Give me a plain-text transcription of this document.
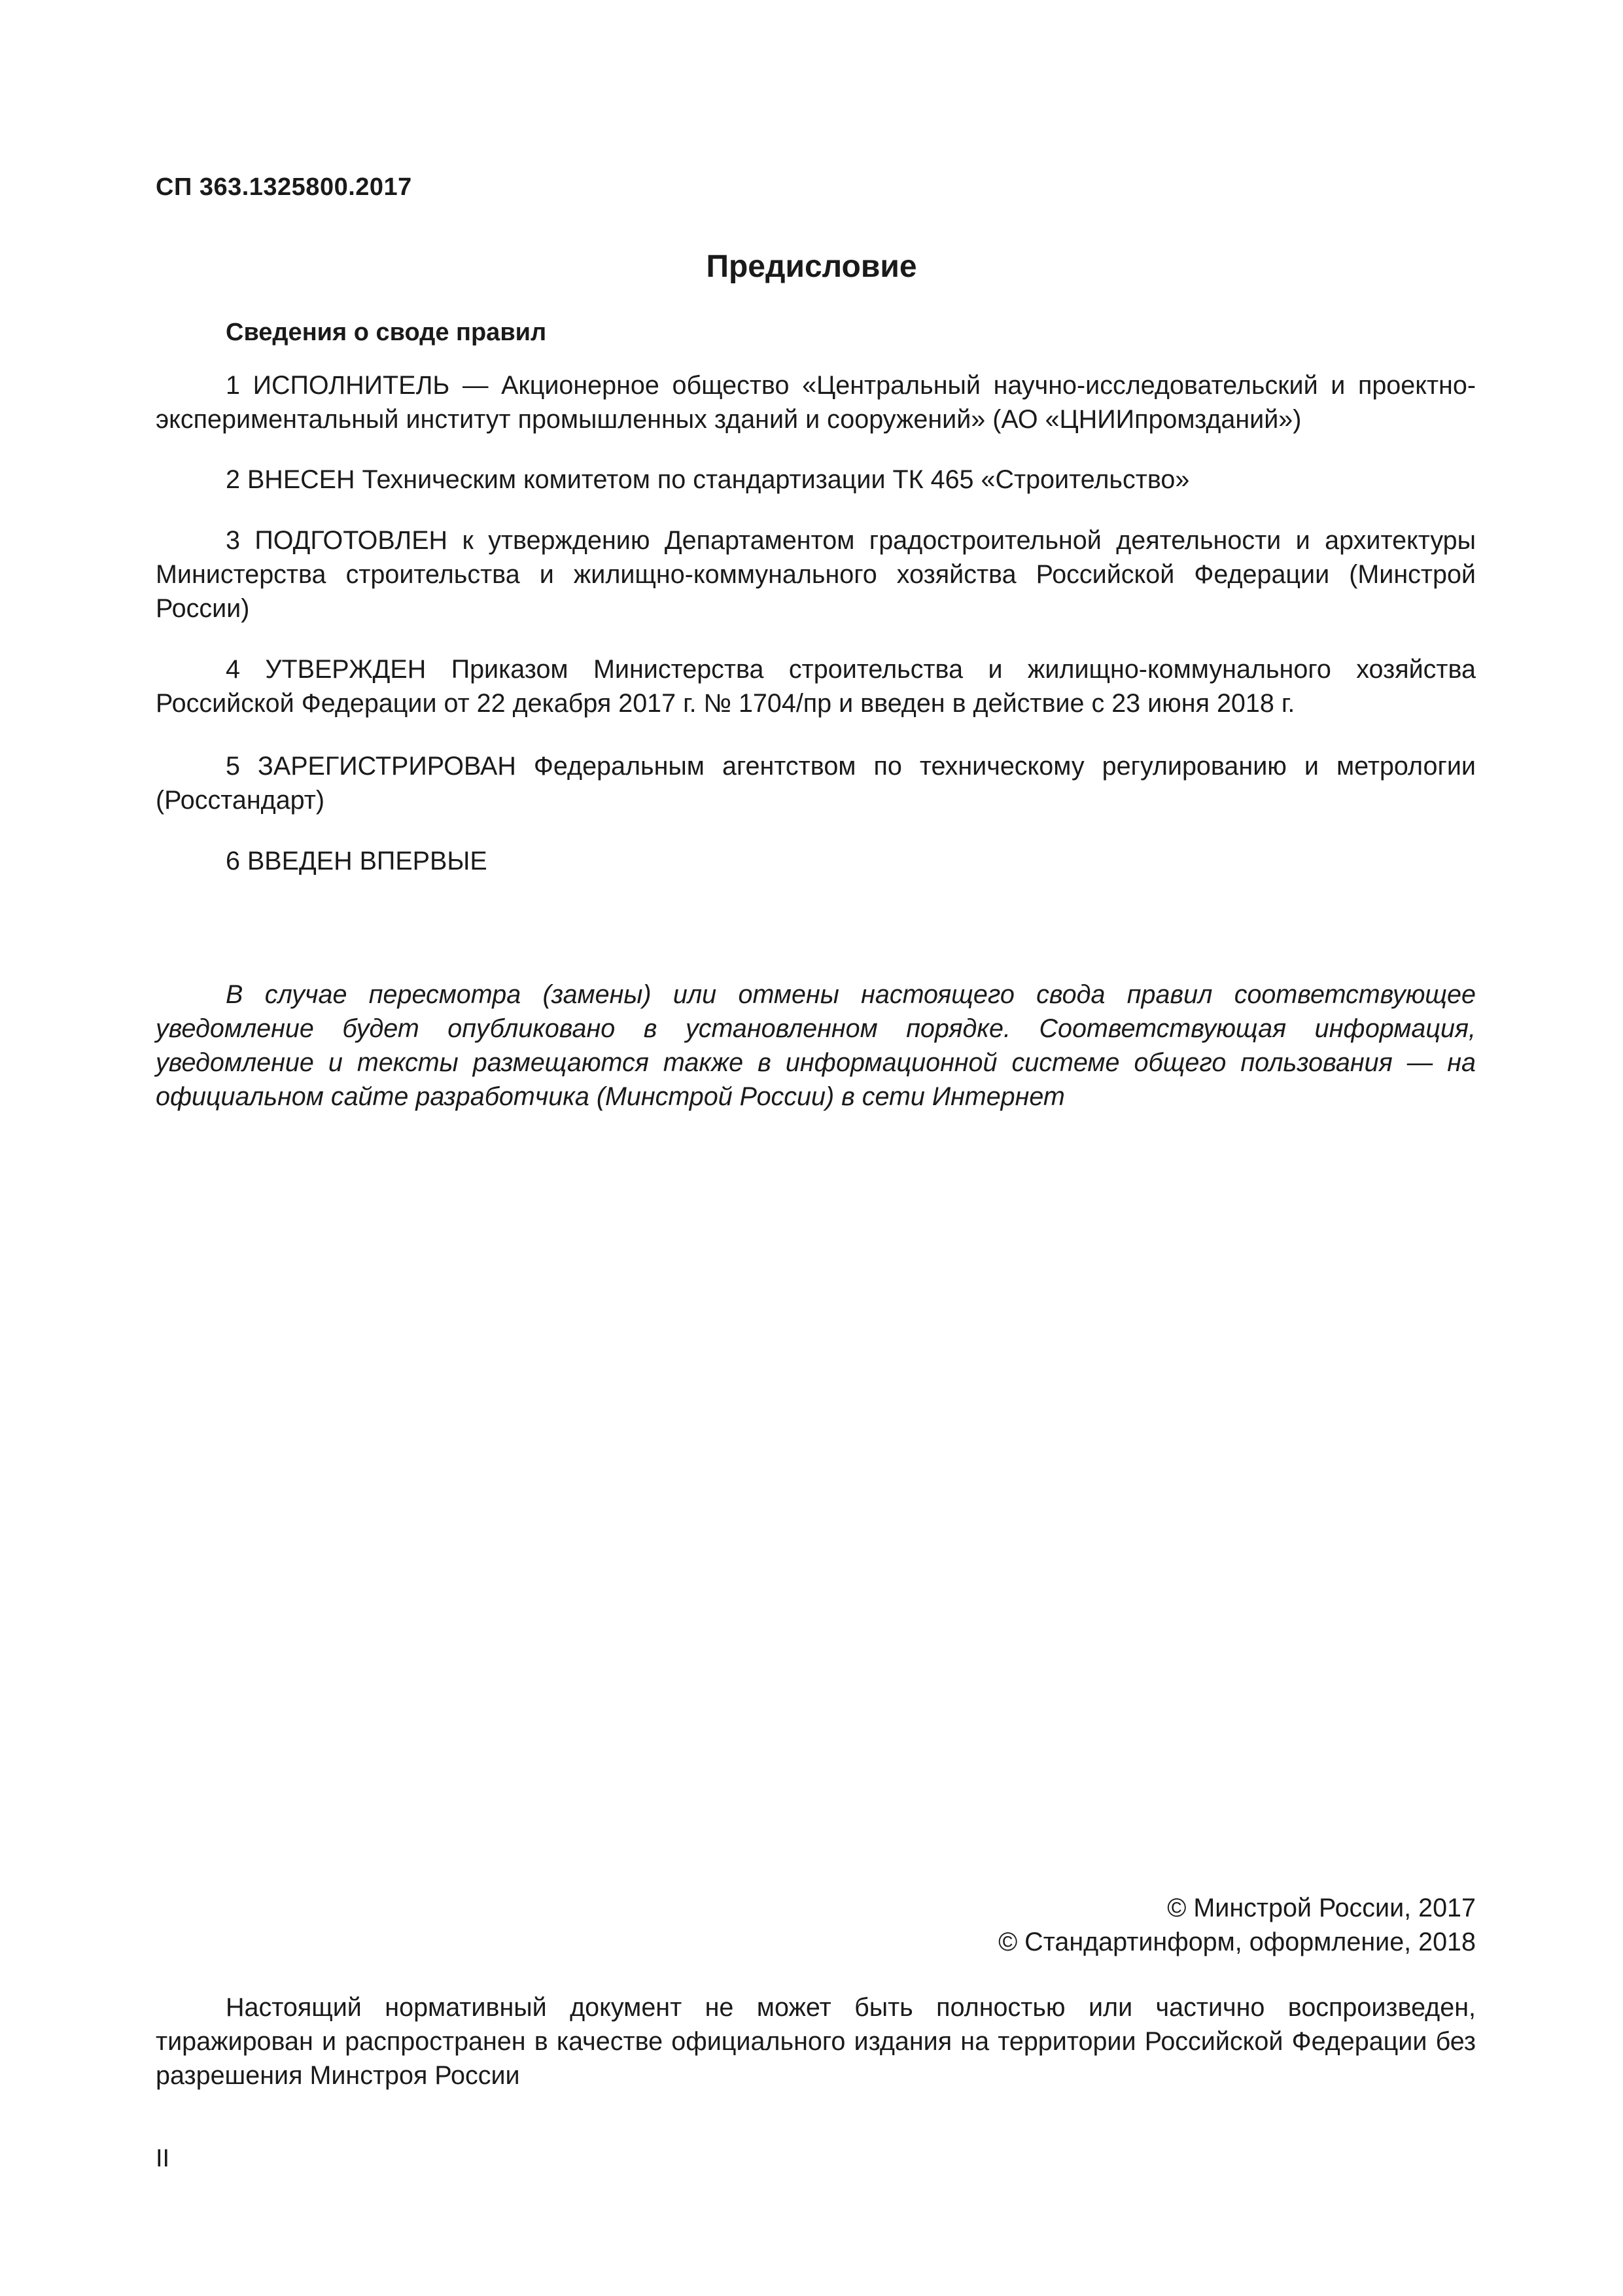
СП 363.1325800.2017
Предисловие
Сведения о своде правил

1 ИСПОЛНИТЕЛЬ — Акционерное общество «Центральный научно-исследовательский и проектно-экспериментальный институт промышленных зданий и сооружений» (АО «ЦНИИпромзданий»)

2 ВНЕСЕН Техническим комитетом по стандартизации ТК 465 «Строительство»

3 ПОДГОТОВЛЕН к утверждению Департаментом градостроительной деятельности и архитектуры Министерства строительства и жилищно-коммунального хозяйства Российской Федерации (Минстрой России)

4 УТВЕРЖДЕН Приказом Министерства строительства и жилищно-коммунального хозяйства Российской Федерации от 22 декабря 2017 г. № 1704/пр и введен в действие с 23 июня 2018 г.

5 ЗАРЕГИСТРИРОВАН Федеральным агентством по техническому регулированию и метрологии (Росстандарт)

6 ВВЕДЕН ВПЕРВЫЕ

В случае пересмотра (замены) или отмены настоящего свода правил соответствующее уведомление будет опубликовано в установленном порядке. Соответствующая информация, уведомление и тексты размещаются также в информационной системе общего пользования — на официальном сайте разработчика (Минстрой России) в сети Интернет

© Минстрой России, 2017
© Стандартинформ, оформление, 2018

Настоящий нормативный документ не может быть полностью или частично воспроизведен, тиражирован и распространен в качестве официального издания на территории Российской Федерации без разрешения Минстроя России

II
